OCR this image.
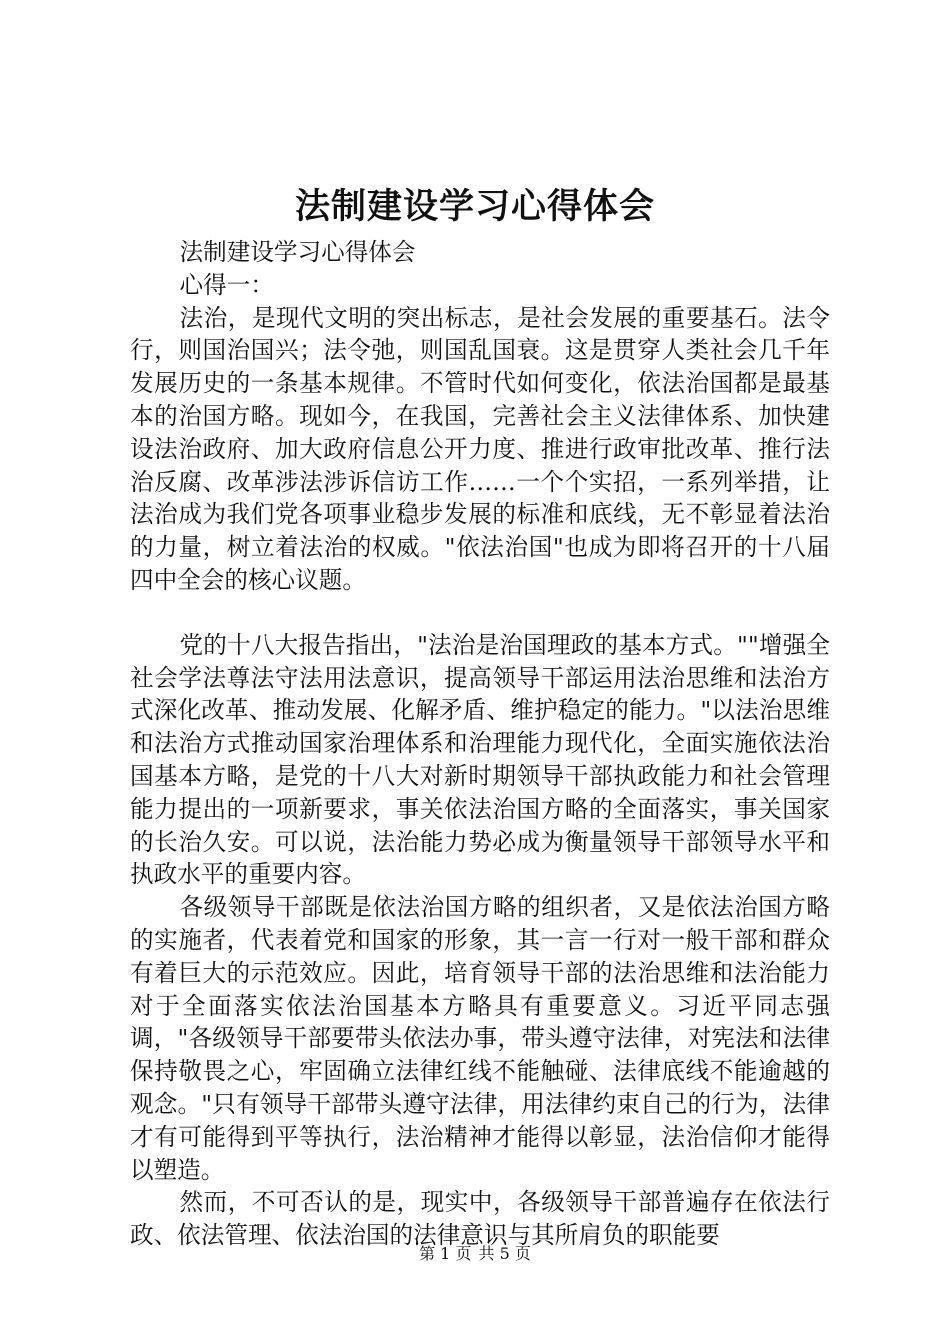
法制建设学习心得体会

法制建设学习心得体会

心得一：

法治，是现代文明的突出标志，是社会发展的重要基石。法令行，则国治国兴；法令弛，则国乱国衰。这是贯穿人类社会几千年发展历史的一条基本规律。不管时代如何变化，依法治国都是最基本的治国方略。现如今，在我国，完善社会主义法律体系、加快建设法治政府、加大政府信息公开力度、推进行政审批改革、推行法治反腐、改革涉法涉诉信访工作……一个个实招，一系列举措，让法治成为我们党各项事业稳步发展的标准和底线，无不彰显着法治的力量，树立着法治的权威。"依法治国"也成为即将召开的十八届四中全会的核心议题。

党的十八大报告指出，"法治是治国理政的基本方式。""增强全社会学法尊法守法用法意识，提高领导干部运用法治思维和法治方式深化改革、推动发展、化解矛盾、维护稳定的能力。"以法治思维和法治方式推动国家治理体系和治理能力现代化，全面实施依法治国基本方略，是党的十八大对新时期领导干部执政能力和社会管理能力提出的一项新要求，事关依法治国方略的全面落实，事关国家的长治久安。可以说，法治能力势必成为衡量领导干部领导水平和执政水平的重要内容。

各级领导干部既是依法治国方略的组织者，又是依法治国方略的实施者，代表着党和国家的形象，其一言一行对一般干部和群众有着巨大的示范效应。因此，培育领导干部的法治思维和法治能力对于全面落实依法治国基本方略具有重要意义。习近平同志强调，"各级领导干部要带头依法办事，带头遵守法律，对宪法和法律保持敬畏之心，牢固确立法律红线不能触碰、法律底线不能逾越的观念。"只有领导干部带头遵守法律，用法律约束自己的行为，法律才有可能得到平等执行，法治精神才能得以彰显，法治信仰才能得以塑造。

然而，不可否认的是，现实中，各级领导干部普遍存在依法行政、依法管理、依法治国的法律意识与其所肩负的职能要

第 1 页 共 5 页
